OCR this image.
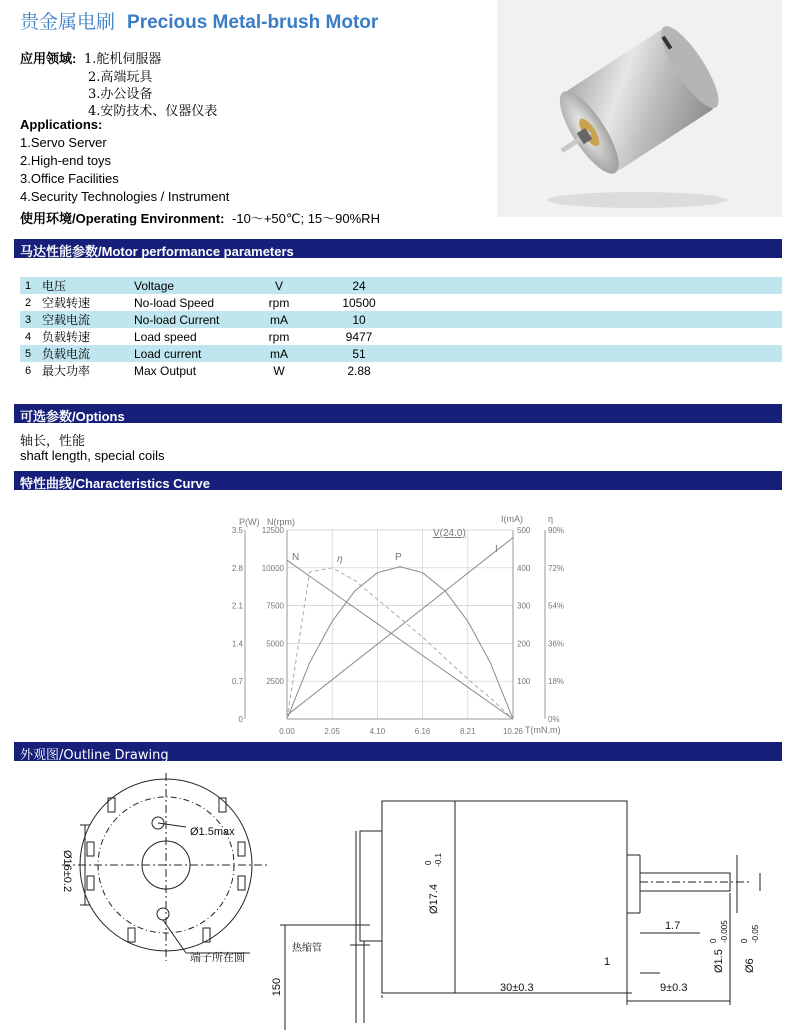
贵金属电刷 Precious Metal-brush Motor
应用领域: 1.舵机伺服器
2.高端玩具
3.办公设备
4.安防技术、仪器仪表
Applications:
1.Servo Server
2.High-end toys
3.Office Facilities
4.Security Technologies / Instrument
使用环境/Operating Environment: -10～+50℃; 15～90%RH
马达性能参数/Motor performance parameters
1	电压	Voltage	V	24	
2	空载转速	No-load Speed	rpm	10500	
3	空载电流	No-load Current	mA	10	
4	负载转速	Load speed	rpm	9477	
5	负载电流	Load current	mA	51	
6	最大功率	Max Output	W	2.88	
可选参数/Options
轴长，性能
shaft length, special coils
特性曲线/Characteristics Curve
0.00	2.05	4.10	6.16	8.21	10.26
0
0.7
1.4
2.1
2.8
3.5
2500
5000
7500
10000
12500
100
200
300
400
500
0%
18%
36%
54%
72%
90%
P(W) N(rpm)	I(mA)	η
N	η	P
V(24.0)
I
T(mN.m)
外观图/Outline Drawing
Ø1.5max
Ø16±0.2
端子所在圆
热缩管
150
Ø17.4
0 -0.1
30±0.3	9±0.3
1.7
1	Ø1.5
0 -0.005
Ø6
0 -0.05
